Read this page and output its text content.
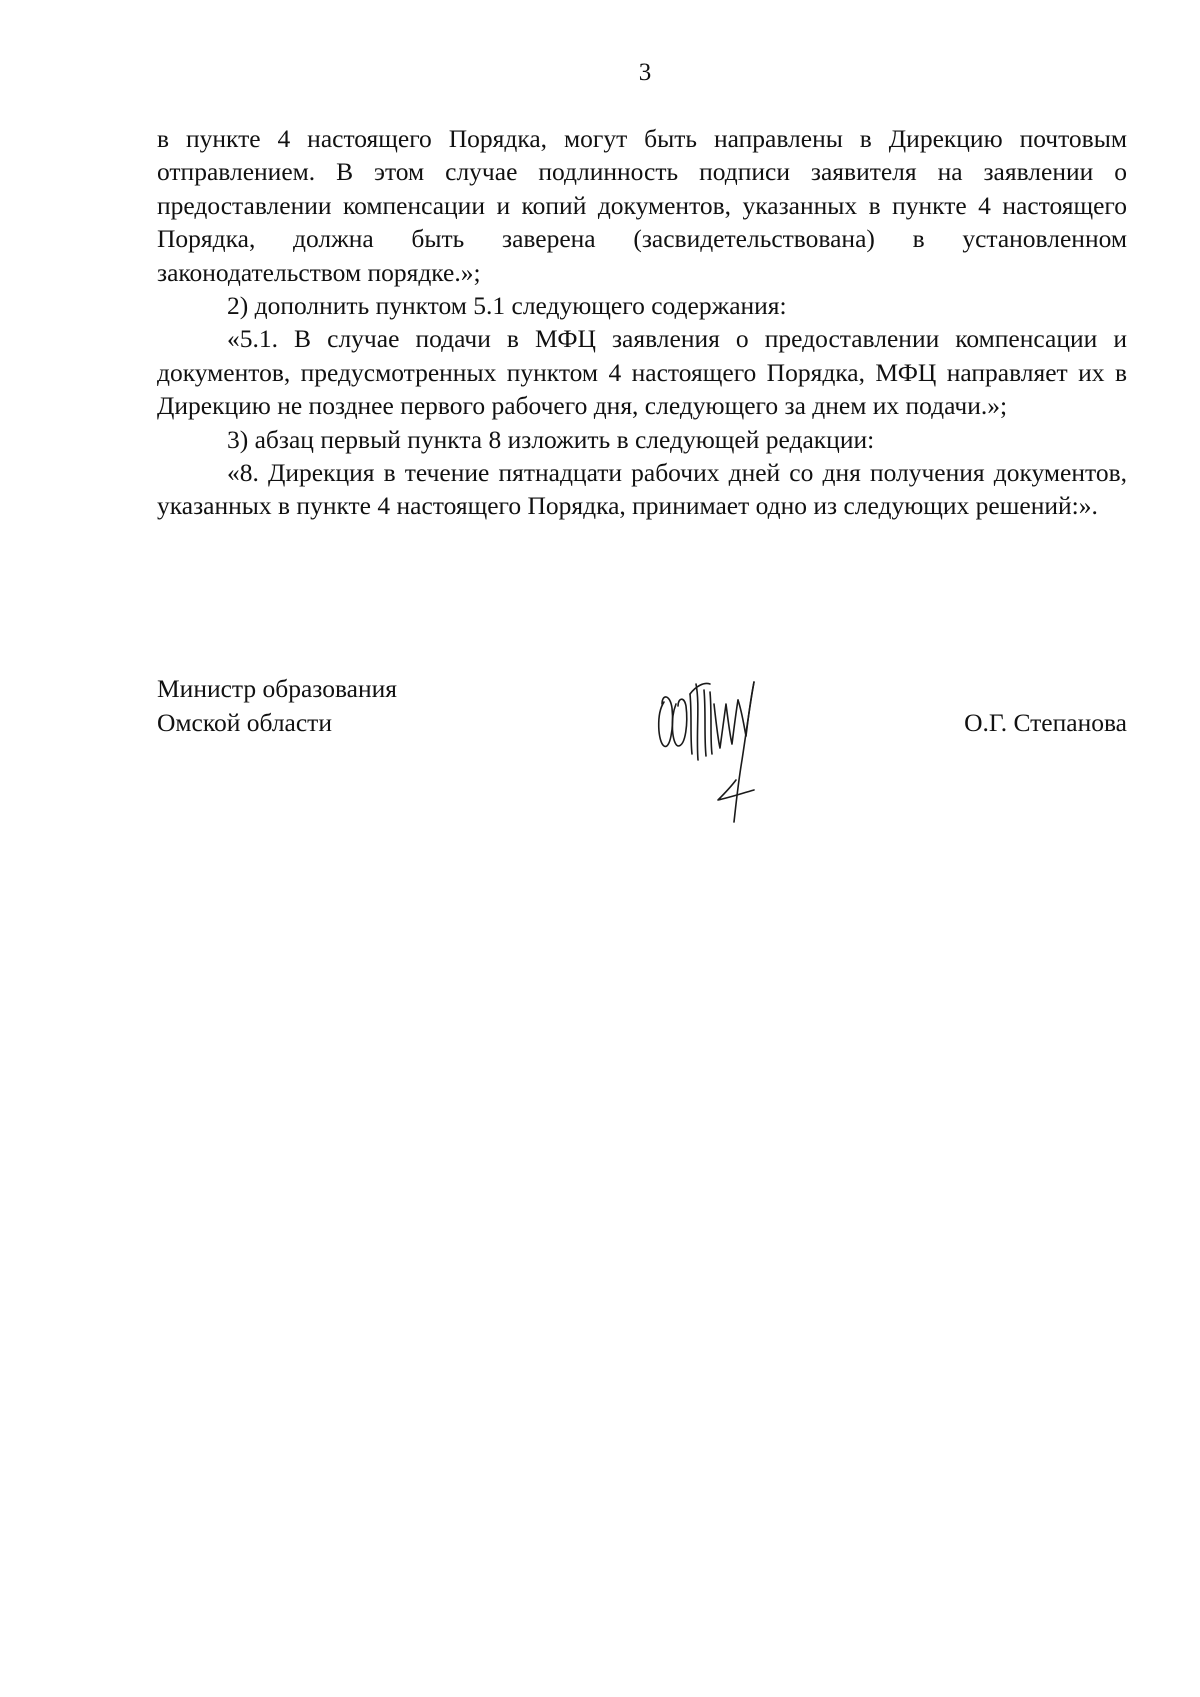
3

в пункте 4 настоящего Порядка, могут быть направлены в Дирекцию почтовым отправлением. В этом случае подлинность подписи заявителя на заявлении о предоставлении компенсации и копий документов, указанных в пункте 4 настоящего Порядка, должна быть заверена (засвидетельствована) в установленном законодательством порядке.»;

2) дополнить пунктом 5.1 следующего содержания:

«5.1. В случае подачи в МФЦ заявления о предоставлении компенсации и документов, предусмотренных пунктом 4 настоящего Порядка, МФЦ направляет их в Дирекцию не позднее первого рабочего дня, следующего за днем их подачи.»;

3) абзац первый пункта 8 изложить в следующей редакции:

«8. Дирекция в течение пятнадцати рабочих дней со дня получения документов, указанных в пункте 4 настоящего Порядка, принимает одно из следующих решений:».

Министр образования
Омской области	О.Г. Степанова
